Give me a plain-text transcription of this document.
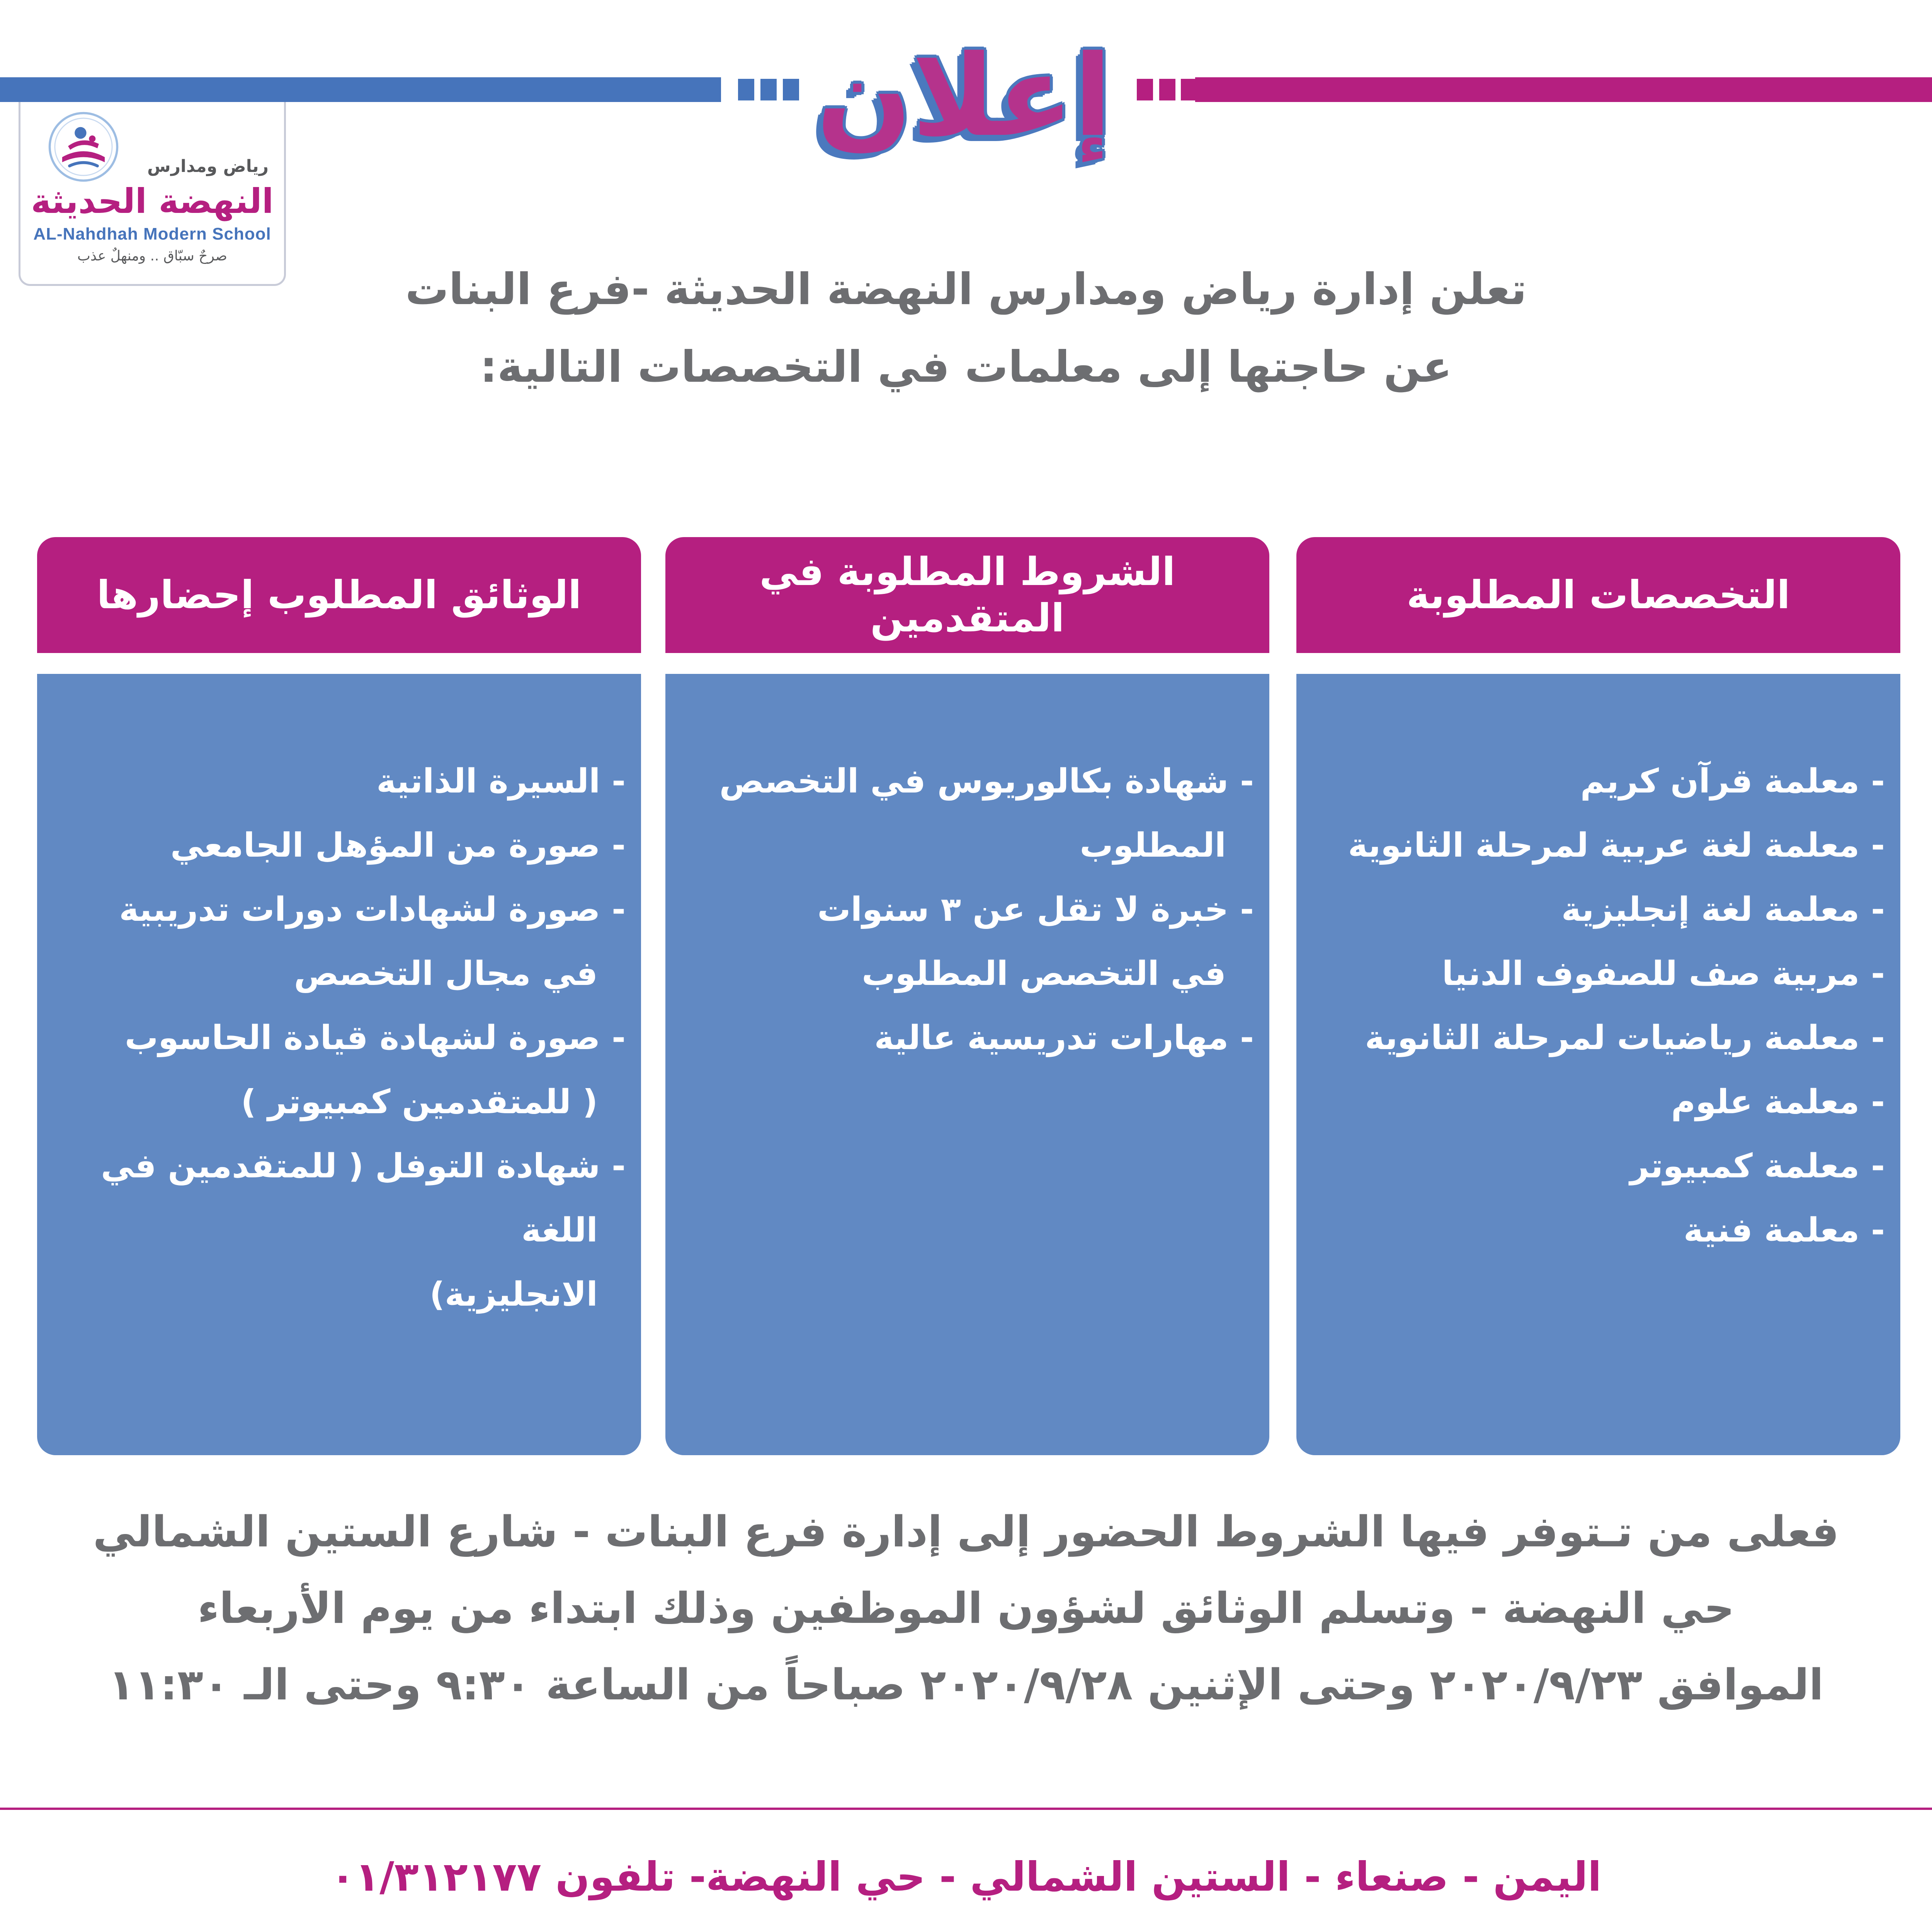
إعلان
رياض ومدارس
النهضة الحديثة
AL-Nahdhah Modern School
صرحٌ سبّاق .. ومنهلٌ عذب
تعلن إدارة رياض ومدارس النهضة الحديثة -فرع البنات
عن حاجتها إلى معلمات في التخصصات التالية:
التخصصات المطلوبة
- معلمة قرآن كريم
- معلمة لغة عربية لمرحلة الثانوية
- معلمة لغة إنجليزية
- مربية صف للصفوف الدنيا
- معلمة رياضيات لمرحلة الثانوية
- معلمة علوم
- معلمة كمبيوتر
- معلمة فنية
الشروط المطلوبة في المتقدمين
- شهادة بكالوريوس في التخصص
المطلوب
- خبرة لا تقل عن ٣ سنوات
في التخصص المطلوب
- مهارات تدريسية عالية
الوثائق المطلوب إحضارها
- السيرة الذاتية
- صورة من المؤهل الجامعي
- صورة لشهادات دورات تدريبية
في مجال التخصص
- صورة لشهادة قيادة الحاسوب
( للمتقدمين كمبيوتر )
- شهادة التوفل ( للمتقدمين في اللغة
الانجليزية)
فعلى من تـتوفر فيها الشروط الحضور إلى إدارة فرع البنات - شارع الستين الشمالي
حي النهضة - وتسلم الوثائق لشؤون الموظفين وذلك ابتداء من يوم الأربعاء
الموافق ٢٠٢٠/٩/٢٣ وحتى الإثنين ٢٠٢٠/٩/٢٨ صباحاً من الساعة ٩:٣٠ وحتى الـ ١١:٣٠
اليمن - صنعاء - الستين الشمالي - حي النهضة- تلفون ٠١/٣١٢١٧٧
